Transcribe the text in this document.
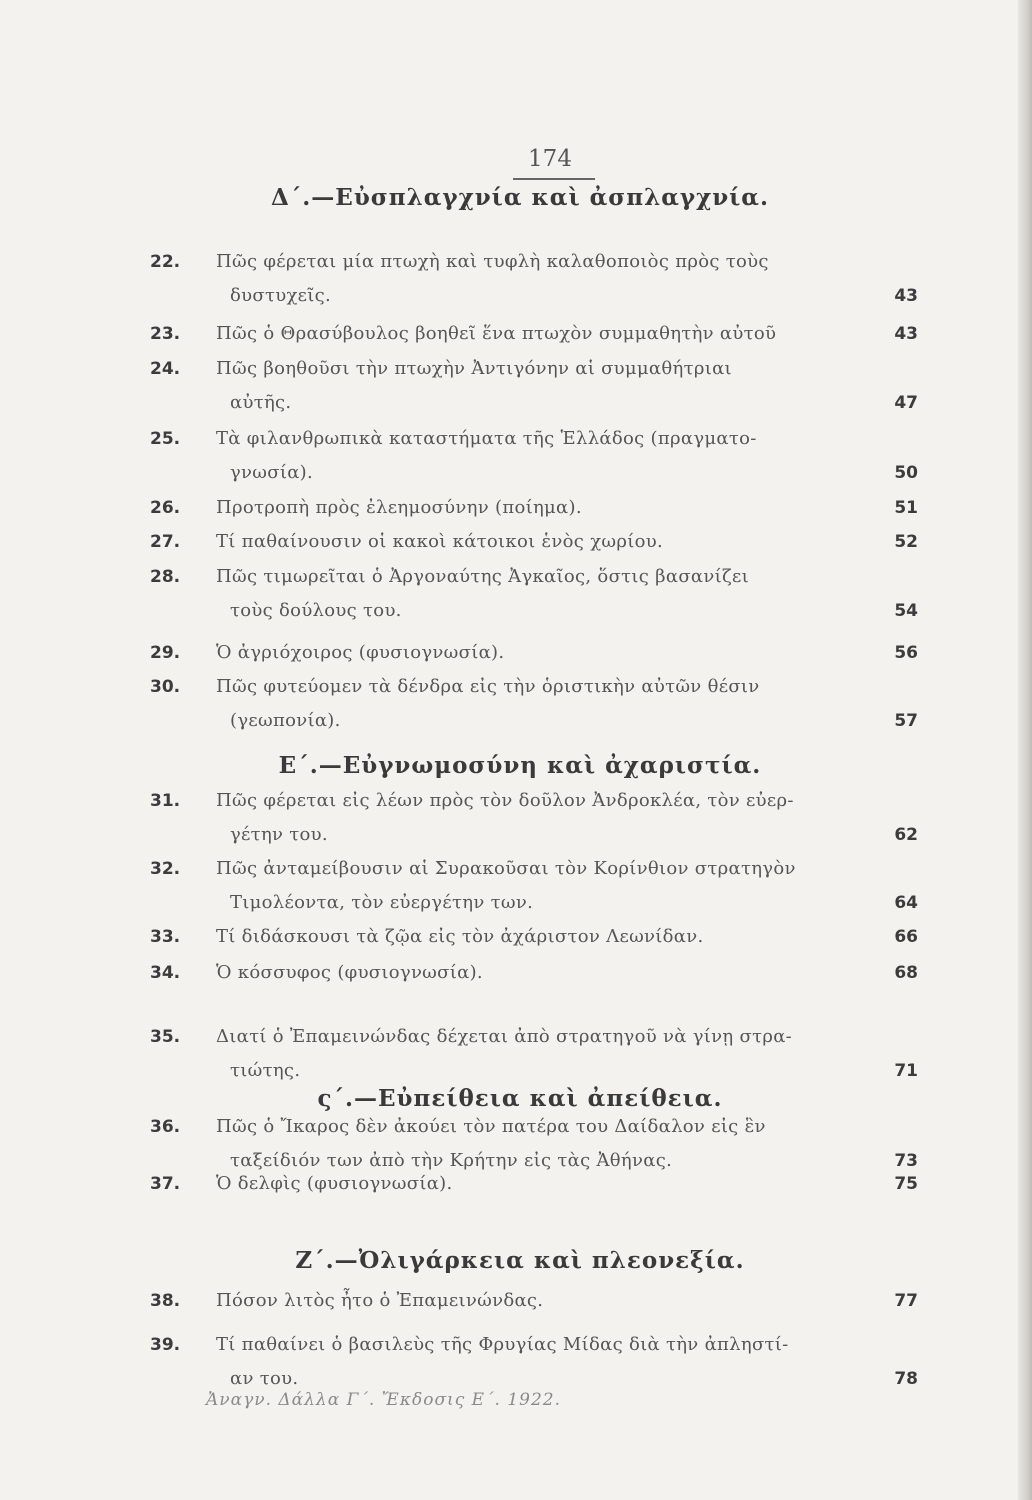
174
Δ΄.—Εὐσπλαγχνία καὶ ἀσπλαγχνία.
22. Πῶς φέρεται μία πτωχὴ καὶ τυφλὴ καλαθοποιὸς πρὸς τοὺς
δυστυχεῖς.	43
23. Πῶς ὁ Θρασύβουλος βοηθεῖ ἕνα πτωχὸν συμμαθητὴν αὐτοῦ	43
24. Πῶς βοηθοῦσι τὴν πτωχὴν Ἀντιγόνην αἱ συμμαθήτριαι
αὐτῆς.	47
25. Τὰ φιλανθρωπικὰ καταστήματα τῆς Ἑλλάδος (πραγματο-
γνωσία).	50
26. Προτροπὴ πρὸς ἐλεημοσύνην (ποίημα).	51
27. Τί παθαίνουσιν οἱ κακοὶ κάτοικοι ἑνὸς χωρίου.	52
28. Πῶς τιμωρεῖται ὁ Ἀργοναύτης Ἀγκαῖος, ὅστις βασανίζει
τοὺς δούλους του.	54
29. Ὁ ἀγριόχοιρος (φυσιογνωσία).	56
30. Πῶς φυτεύομεν τὰ δένδρα εἰς τὴν ὁριστικὴν αὐτῶν θέσιν
(γεωπονία).	57
Ε΄.—Εὐγνωμοσύνη καὶ ἀχαριστία.
31. Πῶς φέρεται εἰς λέων πρὸς τὸν δοῦλον Ἀνδροκλέα, τὸν εὐερ-
γέτην του.	62
32. Πῶς ἀνταμείβουσιν αἱ Συρακοῦσαι τὸν Κορίνθιον στρατηγὸν
Τιμολέοντα, τὸν εὐεργέτην των.	64
33. Τί διδάσκουσι τὰ ζῷα εἰς τὸν ἀχάριστον Λεωνίδαν.	66
34. Ὁ κόσσυφος (φυσιογνωσία).	68
ς΄.—Εὐπείθεια καὶ ἀπείθεια.
35. Διατί ὁ Ἐπαμεινώνδας δέχεται ἀπὸ στρατηγοῦ νὰ γίνῃ στρα-
τιώτης.	71
36. Πῶς ὁ Ἴκαρος δὲν ἀκούει τὸν πατέρα του Δαίδαλον εἰς ἓν
ταξείδιόν των ἀπὸ τὴν Κρήτην εἰς τὰς Ἀθήνας.	73
37. Ὁ δελφὶς (φυσιογνωσία).	75
Ζ΄.—Ὀλιγάρκεια καὶ πλεονεξία.
38. Πόσον λιτὸς ἦτο ὁ Ἐπαμεινώνδας.	77
39. Τί παθαίνει ὁ βασιλεὺς τῆς Φρυγίας Μίδας διὰ τὴν ἀπληστί-
αν του.	78
Ἀναγν. Δάλλα Γ΄. Ἔκδοσις Ε΄. 1922.
